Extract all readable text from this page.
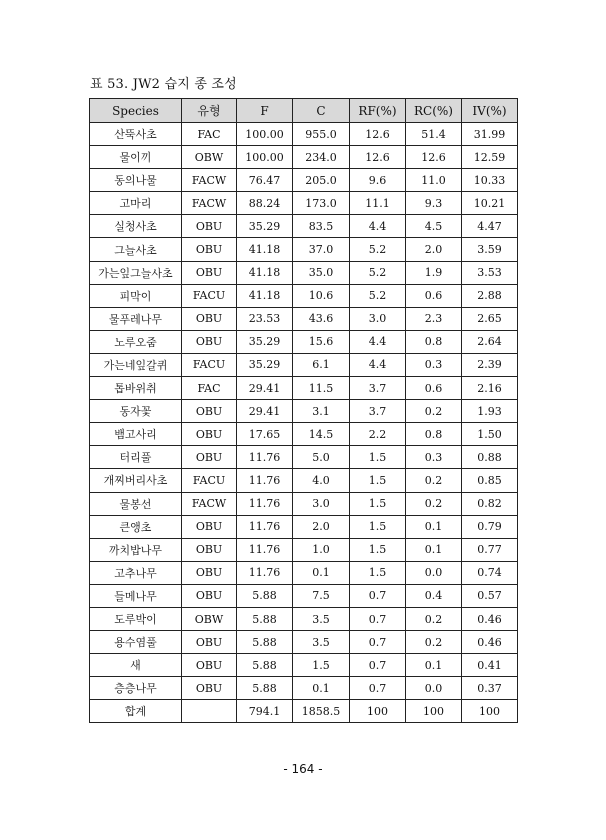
표 53. JW2 습지 종 조성
Species	유형	F	C	RF(%)	RC(%)	IV(%)
산뚝사초	FAC	100.00	955.0	12.6	51.4	31.99
물이끼	OBW	100.00	234.0	12.6	12.6	12.59
동의나물	FACW	76.47	205.0	9.6	11.0	10.33
고마리	FACW	88.24	173.0	11.1	9.3	10.21
실청사초	OBU	35.29	83.5	4.4	4.5	4.47
그늘사초	OBU	41.18	37.0	5.2	2.0	3.59
가는잎그늘사초	OBU	41.18	35.0	5.2	1.9	3.53
피막이	FACU	41.18	10.6	5.2	0.6	2.88
물푸레나무	OBU	23.53	43.6	3.0	2.3	2.65
노루오줌	OBU	35.29	15.6	4.4	0.8	2.64
가는네잎갈퀴	FACU	35.29	6.1	4.4	0.3	2.39
톱바위취	FAC	29.41	11.5	3.7	0.6	2.16
동자꽃	OBU	29.41	3.1	3.7	0.2	1.93
뱀고사리	OBU	17.65	14.5	2.2	0.8	1.50
터리풀	OBU	11.76	5.0	1.5	0.3	0.88
개찌버리사초	FACU	11.76	4.0	1.5	0.2	0.85
물봉선	FACW	11.76	3.0	1.5	0.2	0.82
큰앵초	OBU	11.76	2.0	1.5	0.1	0.79
까치밥나무	OBU	11.76	1.0	1.5	0.1	0.77
고추나무	OBU	11.76	0.1	1.5	0.0	0.74
들메나무	OBU	5.88	7.5	0.7	0.4	0.57
도루박이	OBW	5.88	3.5	0.7	0.2	0.46
용수염풀	OBU	5.88	3.5	0.7	0.2	0.46
새	OBU	5.88	1.5	0.7	0.1	0.41
층층나무	OBU	5.88	0.1	0.7	0.0	0.37
합계		794.1	1858.5	100	100	100
- 164 -
